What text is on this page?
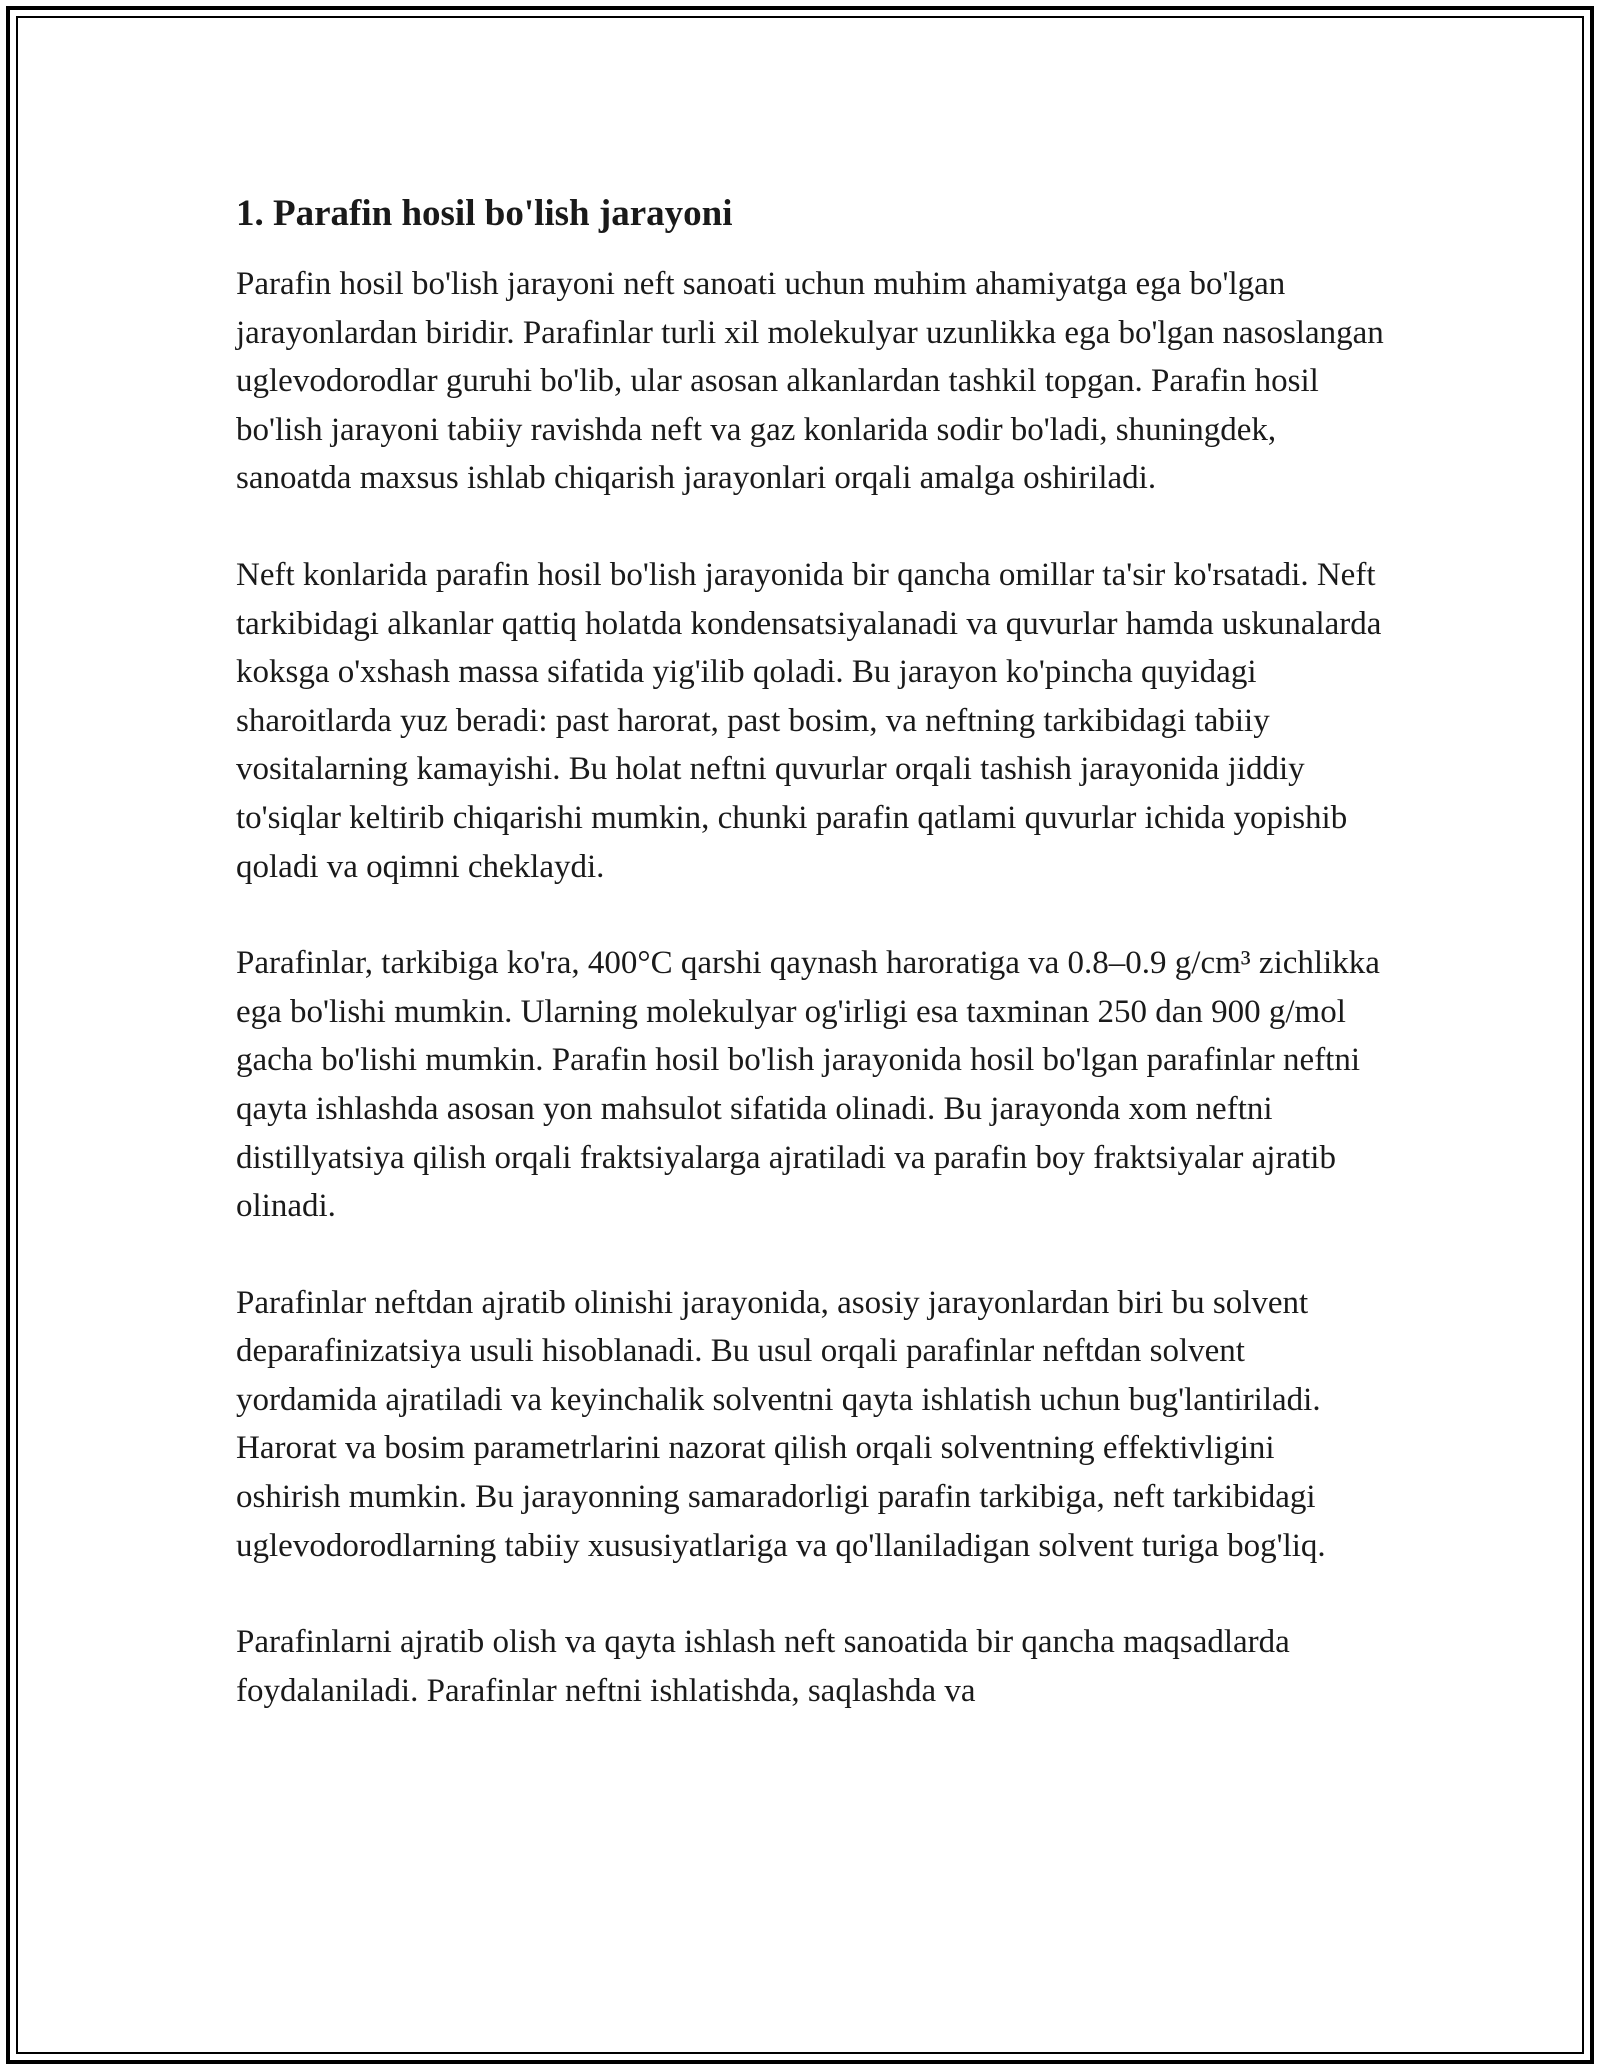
1. Parafin hosil bo'lish jarayoni

Parafin hosil bo'lish jarayoni neft sanoati uchun muhim ahamiyatga ega bo'lgan jarayonlardan biridir. Parafinlar turli xil molekulyar uzunlikka ega bo'lgan nasoslangan uglevodorodlar guruhi bo'lib, ular asosan alkanlardan tashkil topgan. Parafin hosil bo'lish jarayoni tabiiy ravishda neft va gaz konlarida sodir bo'ladi, shuningdek, sanoatda maxsus ishlab chiqarish jarayonlari orqali amalga oshiriladi.

Neft konlarida parafin hosil bo'lish jarayonida bir qancha omillar ta'sir ko'rsatadi. Neft tarkibidagi alkanlar qattiq holatda kondensatsiyalanadi va quvurlar hamda uskunalarda koksga o'xshash massa sifatida yig'ilib qoladi. Bu jarayon ko'pincha quyidagi sharoitlarda yuz beradi: past harorat, past bosim, va neftning tarkibidagi tabiiy vositalarning kamayishi. Bu holat neftni quvurlar orqali tashish jarayonida jiddiy to'siqlar keltirib chiqarishi mumkin, chunki parafin qatlami quvurlar ichida yopishib qoladi va oqimni cheklaydi.

Parafinlar, tarkibiga ko'ra, 400°C qarshi qaynash haroratiga va 0.8–0.9 g/cm³ zichlikka ega bo'lishi mumkin. Ularning molekulyar og'irligi esa taxminan 250 dan 900 g/mol gacha bo'lishi mumkin. Parafin hosil bo'lish jarayonida hosil bo'lgan parafinlar neftni qayta ishlashda asosan yon mahsulot sifatida olinadi. Bu jarayonda xom neftni distillyatsiya qilish orqali fraktsiyalarga ajratiladi va parafin boy fraktsiyalar ajratib olinadi.

Parafinlar neftdan ajratib olinishi jarayonida, asosiy jarayonlardan biri bu solvent deparafinizatsiya usuli hisoblanadi. Bu usul orqali parafinlar neftdan solvent yordamida ajratiladi va keyinchalik solventni qayta ishlatish uchun bug'lantiriladi. Harorat va bosim parametrlarini nazorat qilish orqali solventning effektivligini oshirish mumkin. Bu jarayonning samaradorligi parafin tarkibiga, neft tarkibidagi uglevodorodlarning tabiiy xususiyatlariga va qo'llaniladigan solvent turiga bog'liq.

Parafinlarni ajratib olish va qayta ishlash neft sanoatida bir qancha maqsadlarda foydalaniladi. Parafinlar neftni ishlatishda, saqlashda va
